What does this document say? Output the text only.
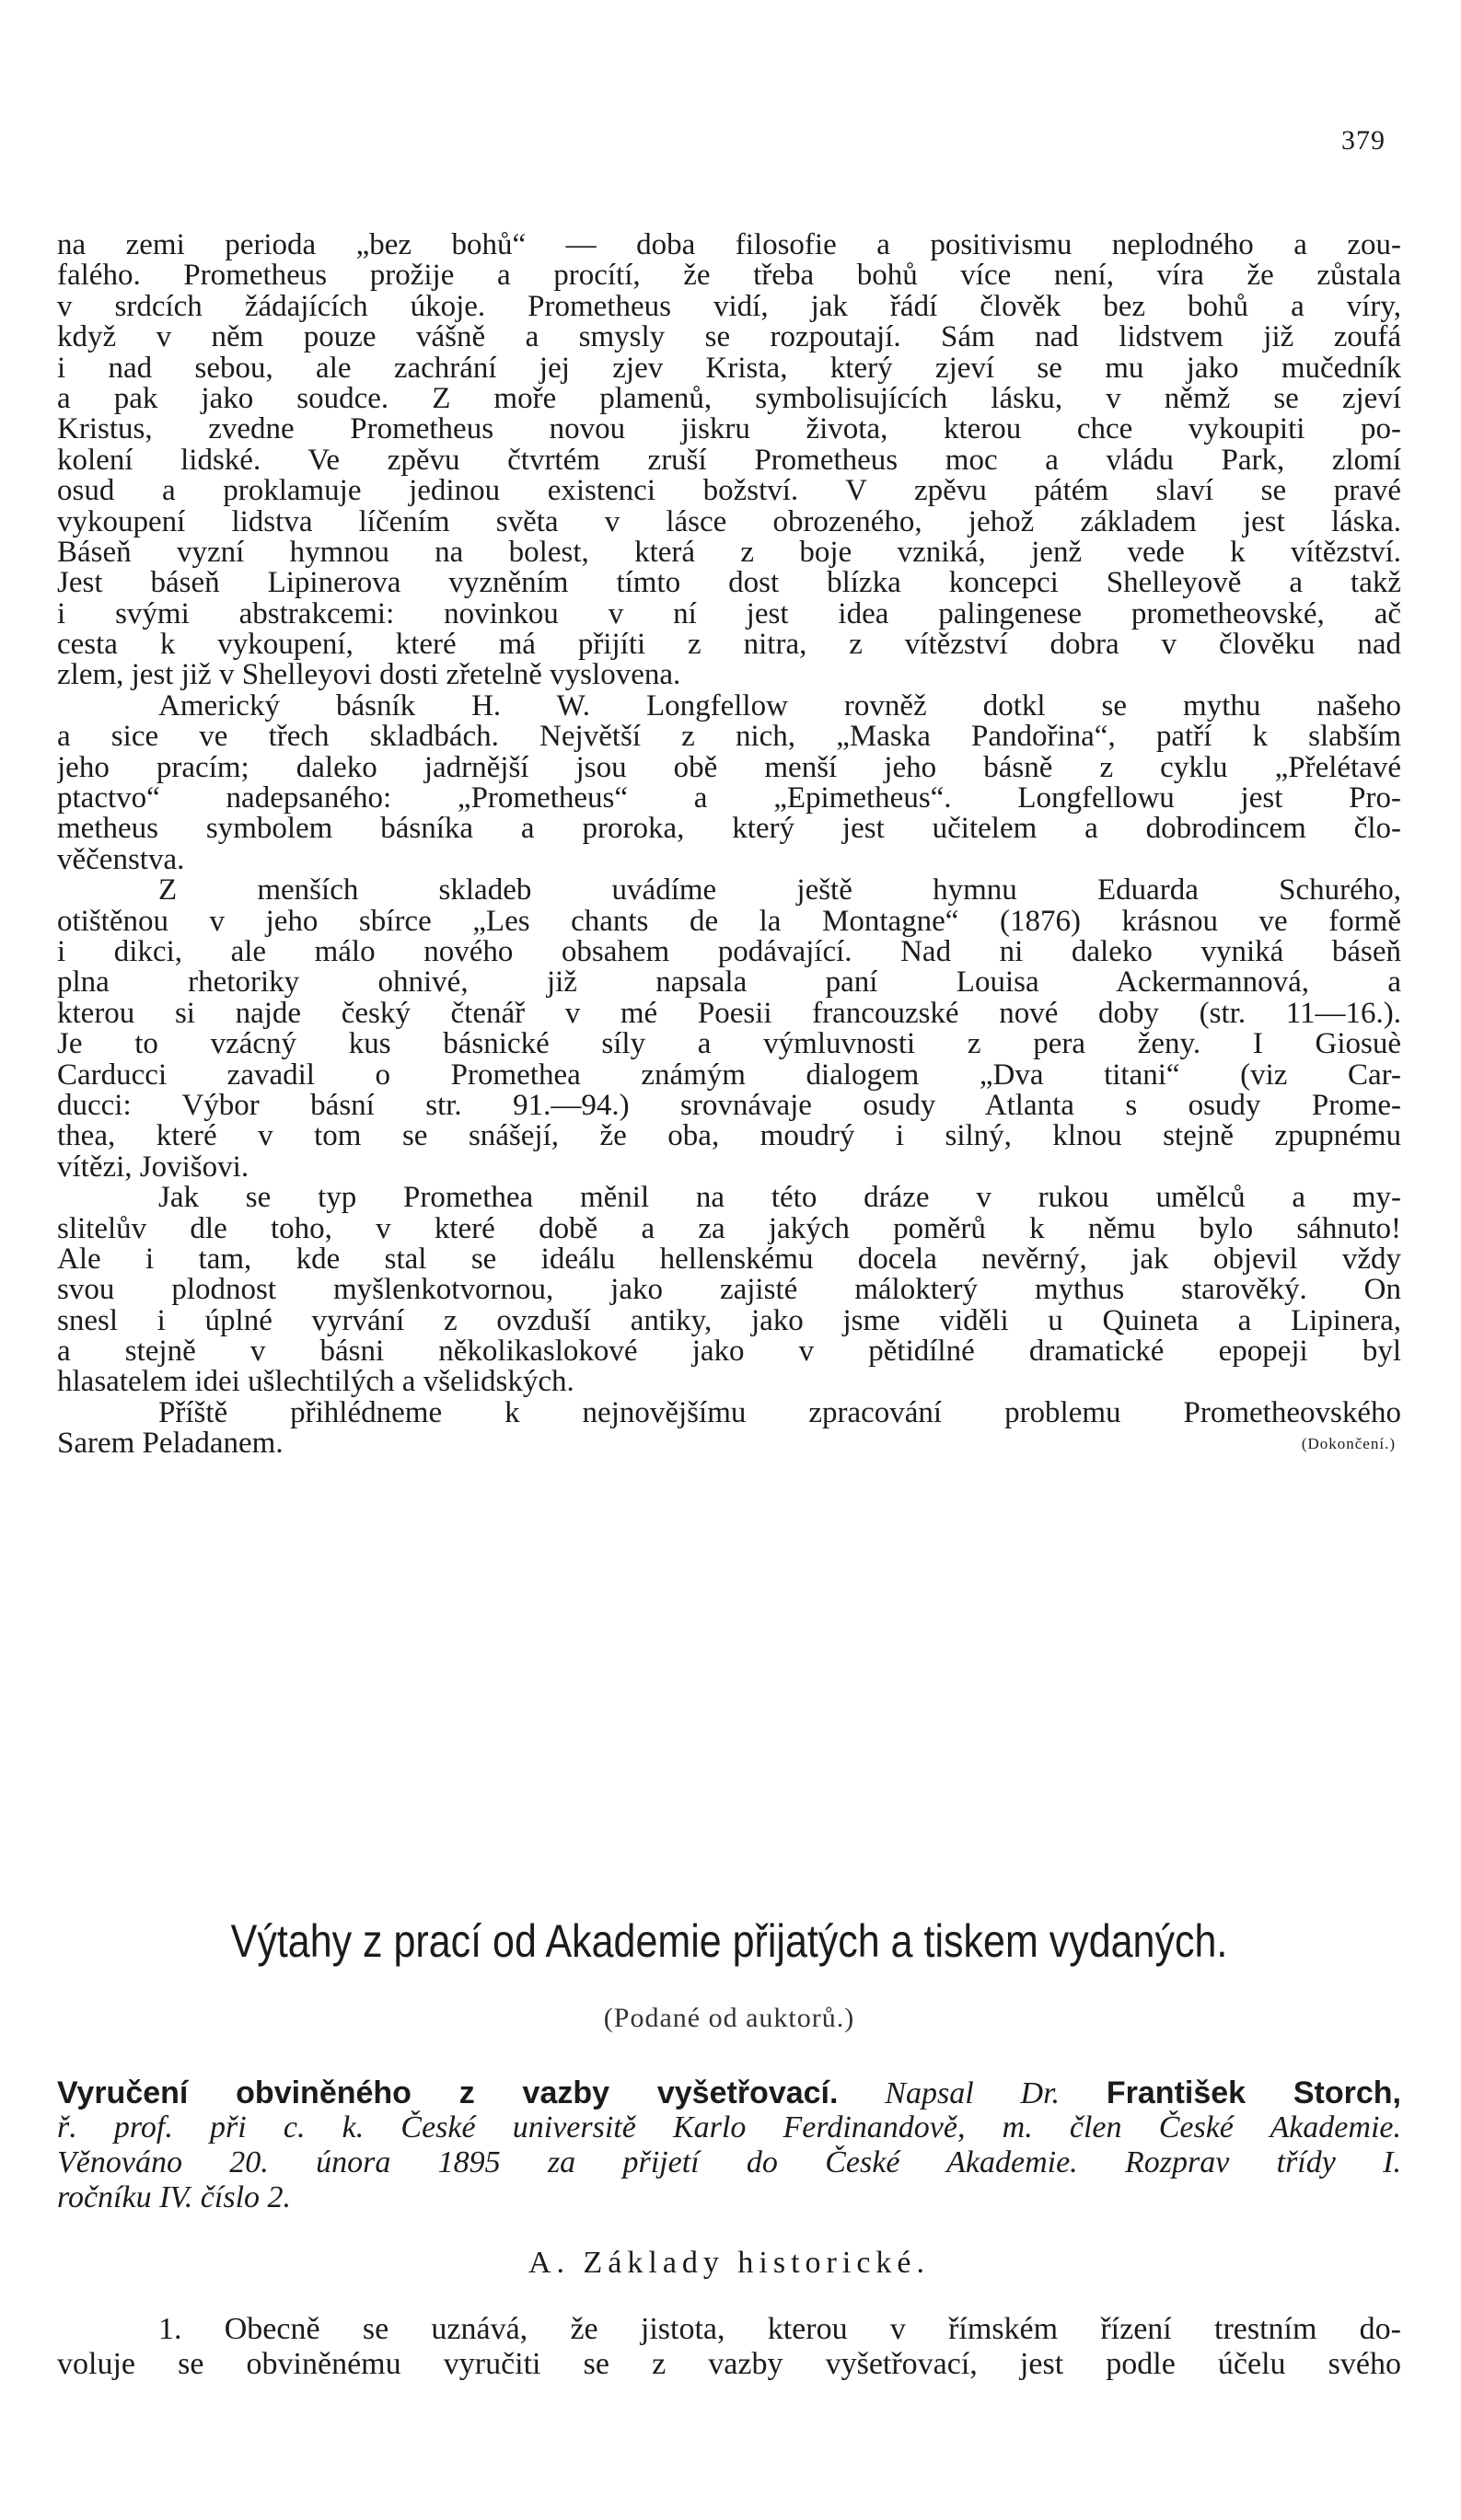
379
na zemi perioda „bez bohů“ — doba filosofie a positivismu neplodného a zou-
falého. Prometheus prožije a procítí, že třeba bohů více není, víra že zůstala
v srdcích žádajících úkoje. Prometheus vidí, jak řádí člověk bez bohů a víry,
když v něm pouze vášně a smysly se rozpoutají. Sám nad lidstvem již zoufá
i nad sebou, ale zachrání jej zjev Krista, který zjeví se mu jako mučedník
a pak jako soudce. Z moře plamenů, symbolisujících lásku, v němž se zjeví
Kristus, zvedne Prometheus novou jiskru života, kterou chce vykoupiti po-
kolení lidské. Ve zpěvu čtvrtém zruší Prometheus moc a vládu Park, zlomí
osud a proklamuje jedinou existenci božství. V zpěvu pátém slaví se pravé
vykoupení lidstva líčením světa v lásce obrozeného, jehož základem jest láska.
Báseň vyzní hymnou na bolest, která z boje vzniká, jenž vede k vítězství.
Jest báseň Lipinerova vyzněním tímto dost blízka koncepci Shelleyově a takž
i svými abstrakcemi: novinkou v ní jest idea palingenese prometheovské, ač
cesta k vykoupení, které má přijíti z nitra, z vítězství dobra v člověku nad
zlem, jest již v Shelleyovi dosti zřetelně vyslovena.
Americký básník H. W. Longfellow rovněž dotkl se mythu našeho
a sice ve třech skladbách. Největší z nich, „Maska Pandořina“, patří k slabším
jeho pracím; daleko jadrnější jsou obě menší jeho básně z cyklu „Přelétavé
ptactvo“ nadepsaného: „Prometheus“ a „Epimetheus“. Longfellowu jest Pro-
metheus symbolem básníka a proroka, který jest učitelem a dobrodincem člo-
věčenstva.
Z menších skladeb uvádíme ještě hymnu Eduarda Schurého,
otištěnou v jeho sbírce „Les chants de la Montagne“ (1876) krásnou ve formě
i dikci, ale málo nového obsahem podávající. Nad ni daleko vyniká báseň
plna rhetoriky ohnivé, již napsala paní Louisa Ackermannová, a
kterou si najde český čtenář v mé Poesii francouzské nové doby (str. 11—16.).
Je to vzácný kus básnické síly a výmluvnosti z pera ženy. I Giosuè
Carducci zavadil o Promethea známým dialogem „Dva titani“ (viz Car-
ducci: Výbor básní str. 91.—94.) srovnávaje osudy Atlanta s osudy Prome-
thea, které v tom se snášejí, že oba, moudrý i silný, klnou stejně zpupnému
vítězi, Jovišovi.
Jak se typ Promethea měnil na této dráze v rukou umělců a my-
slitelův dle toho, v které době a za jakých poměrů k němu bylo sáhnuto!
Ale i tam, kde stal se ideálu hellenskému docela nevěrný, jak objevil vždy
svou plodnost myšlenkotvornou, jako zajisté málokterý mythus starověký. On
snesl i úplné vyrvání z ovzduší antiky, jako jsme viděli u Quineta a Lipinera,
a stejně v básni několikaslokové jako v pětidílné dramatické epopeji byl
hlasatelem idei ušlechtilých a všelidských.
Příště přihlédneme k nejnovějšímu zpracování problemu Prometheovského
Sarem Peladanem.	(Dokončení.)
Výtahy z prací od Akademie přijatých a tiskem vydaných.
(Podané od auktorů.)
Vyručení obviněného z vazby vyšetřovací. Napsal Dr. František Storch,
ř. prof. při c. k. České universitě Karlo Ferdinandově, m. člen České Akademie.
Věnováno 20. února 1895 za přijetí do České Akademie. Rozprav třídy I.
ročníku IV. číslo 2.
A. Základy historické.
1. Obecně se uznává, že jistota, kterou v římském řízení trestním do-
voluje se obviněnému vyručiti se z vazby vyšetřovací, jest podle účelu svého
